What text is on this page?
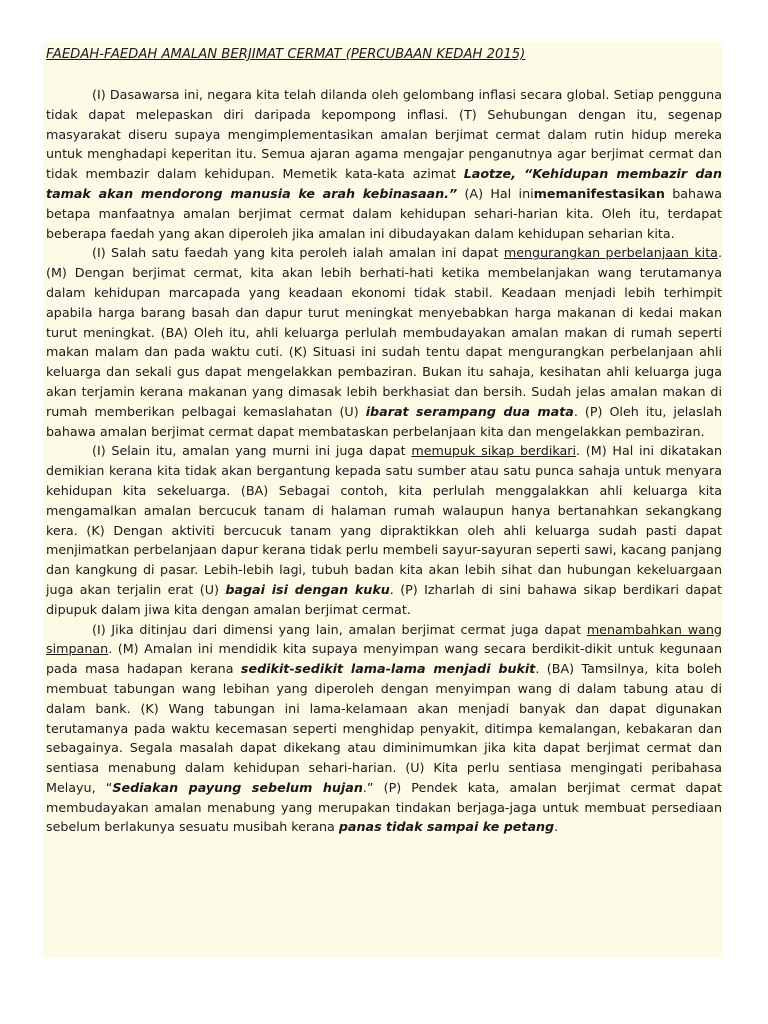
FAEDAH-FAEDAH AMALAN BERJIMAT CERMAT (PERCUBAAN KEDAH 2015)

(I) Dasawarsa ini, negara kita telah dilanda oleh gelombang inflasi secara global. Setiap pengguna tidak dapat melepaskan diri daripada kepompong inflasi. (T) Sehubungan dengan itu, segenap masyarakat diseru supaya mengimplementasikan amalan berjimat cermat dalam rutin hidup mereka untuk menghadapi keperitan itu. Semua ajaran agama mengajar penganutnya agar berjimat cermat dan tidak membazir dalam kehidupan. Memetik kata-kata azimat Laotze, “Kehidupan membazir dan tamak akan mendorong manusia ke arah kebinasaan.” (A) Hal inimemanifestasikan bahawa betapa manfaatnya amalan berjimat cermat dalam kehidupan sehari-harian kita. Oleh itu, terdapat beberapa faedah yang akan diperoleh jika amalan ini dibudayakan dalam kehidupan seharian kita.

(I) Salah satu faedah yang kita peroleh ialah amalan ini dapat mengurangkan perbelanjaan kita. (M) Dengan berjimat cermat, kita akan lebih berhati-hati ketika membelanjakan wang terutamanya dalam kehidupan marcapada yang keadaan ekonomi tidak stabil. Keadaan menjadi lebih terhimpit apabila harga barang basah dan dapur turut meningkat menyebabkan harga makanan di kedai makan turut meningkat. (BA) Oleh itu, ahli keluarga perlulah membudayakan amalan makan di rumah seperti makan malam dan pada waktu cuti. (K) Situasi ini sudah tentu dapat mengurangkan perbelanjaan ahli keluarga dan sekali gus dapat mengelakkan pembaziran. Bukan itu sahaja, kesihatan ahli keluarga juga akan terjamin kerana makanan yang dimasak lebih berkhasiat dan bersih. Sudah jelas amalan makan di rumah memberikan pelbagai kemaslahatan (U) ibarat serampang dua mata. (P) Oleh itu, jelaslah bahawa amalan berjimat cermat dapat membataskan perbelanjaan kita dan mengelakkan pembaziran.

(I) Selain itu, amalan yang murni ini juga dapat memupuk sikap berdikari. (M) Hal ini dikatakan demikian kerana kita tidak akan bergantung kepada satu sumber atau satu punca sahaja untuk menyara kehidupan kita sekeluarga. (BA) Sebagai contoh, kita perlulah menggalakkan ahli keluarga kita mengamalkan amalan bercucuk tanam di halaman rumah walaupun hanya bertanahkan sekangkang kera. (K) Dengan aktiviti bercucuk tanam yang dipraktikkan oleh ahli keluarga sudah pasti dapat menjimatkan perbelanjaan dapur kerana tidak perlu membeli sayur-sayuran seperti sawi, kacang panjang dan kangkung di pasar. Lebih-lebih lagi, tubuh badan kita akan lebih sihat dan hubungan kekeluargaan juga akan terjalin erat (U) bagai isi dengan kuku. (P) Izharlah di sini bahawa sikap berdikari dapat dipupuk dalam jiwa kita dengan amalan berjimat cermat.

(I) Jika ditinjau dari dimensi yang lain, amalan berjimat cermat juga dapat menambahkan wang simpanan. (M) Amalan ini mendidik kita supaya menyimpan wang secara berdikit-dikit untuk kegunaan pada masa hadapan kerana sedikit-sedikit lama-lama menjadi bukit. (BA) Tamsilnya, kita boleh membuat tabungan wang lebihan yang diperoleh dengan menyimpan wang di dalam tabung atau di dalam bank. (K) Wang tabungan ini lama-kelamaan akan menjadi banyak dan dapat digunakan terutamanya pada waktu kecemasan seperti menghidap penyakit, ditimpa kemalangan, kebakaran dan sebagainya. Segala masalah dapat dikekang atau diminimumkan jika kita dapat berjimat cermat dan sentiasa menabung dalam kehidupan sehari-harian. (U) Kita perlu sentiasa mengingati peribahasa Melayu, “Sediakan payung sebelum hujan.” (P) Pendek kata, amalan berjimat cermat dapat membudayakan amalan menabung yang merupakan tindakan berjaga-jaga untuk membuat persediaan sebelum berlakunya sesuatu musibah kerana panas tidak sampai ke petang.
